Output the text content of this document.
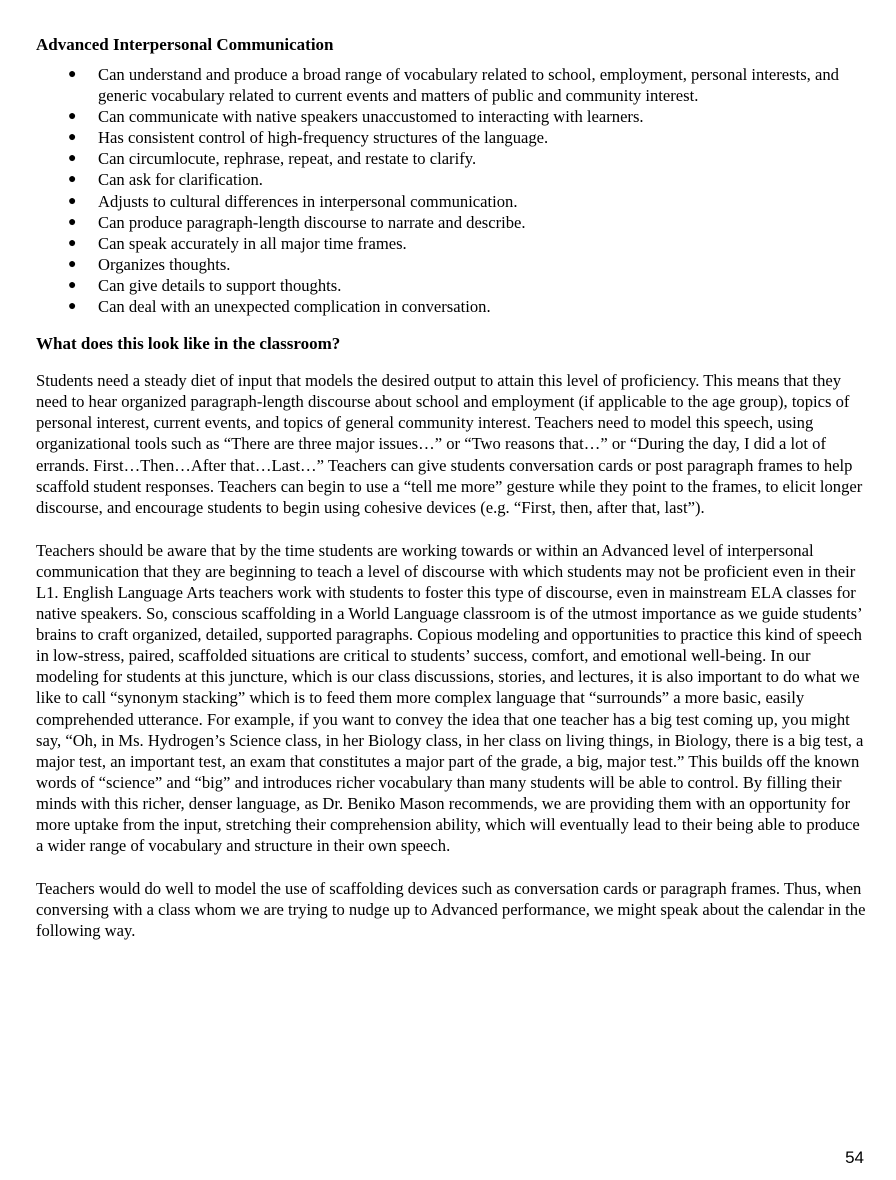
Advanced Interpersonal Communication
● Can understand and produce a broad range of vocabulary related to school, employment, personal interests, and generic vocabulary related to current events and matters of public and community interest.
● Can communicate with native speakers unaccustomed to interacting with learners.
● Has consistent control of high-frequency structures of the language.
● Can circumlocute, rephrase, repeat, and restate to clarify.
● Can ask for clarification.
● Adjusts to cultural differences in interpersonal communication.
● Can produce paragraph-length discourse to narrate and describe.
● Can speak accurately in all major time frames.
● Organizes thoughts.
● Can give details to support thoughts.
● Can deal with an unexpected complication in conversation.
What does this look like in the classroom?

Students need a steady diet of input that models the desired output to attain this level of proficiency. This means that they need to hear organized paragraph-length discourse about school and employment (if applicable to the age group), topics of personal interest, current events, and topics of general community interest. Teachers need to model this speech, using organizational tools such as “There are three major issues…” or “Two reasons that…” or “During the day, I did a lot of errands. First…Then…After that…Last…” Teachers can give students conversation cards or post paragraph frames to help scaffold student responses. Teachers can begin to use a “tell me more” gesture while they point to the frames, to elicit longer discourse, and encourage students to begin using cohesive devices (e.g. “First, then, after that, last”).

Teachers should be aware that by the time students are working towards or within an Advanced level of interpersonal communication that they are beginning to teach a level of discourse with which students may not be proficient even in their L1. English Language Arts teachers work with students to foster this type of discourse, even in mainstream ELA classes for native speakers. So, conscious scaffolding in a World Language classroom is of the utmost importance as we guide students’ brains to craft organized, detailed, supported paragraphs. Copious modeling and opportunities to practice this kind of speech in low-stress, paired, scaffolded situations are critical to students’ success, comfort, and emotional well-being. In our modeling for students at this juncture, which is our class discussions, stories, and lectures, it is also important to do what we like to call “synonym stacking” which is to feed them more complex language that “surrounds” a more basic, easily comprehended utterance. For example, if you want to convey the idea that one teacher has a big test coming up, you might say, “Oh, in Ms. Hydrogen’s Science class, in her Biology class, in her class on living things, in Biology, there is a big test, a major test, an important test, an exam that constitutes a major part of the grade, a big, major test.” This builds off the known words of “science” and “big” and introduces richer vocabulary than many students will be able to control. By filling their minds with this richer, denser language, as Dr. Beniko Mason recommends, we are providing them with an opportunity for more uptake from the input, stretching their comprehension ability, which will eventually lead to their being able to produce a wider range of vocabulary and structure in their own speech.

Teachers would do well to model the use of scaffolding devices such as conversation cards or paragraph frames. Thus, when conversing with a class whom we are trying to nudge up to Advanced performance, we might speak about the calendar in the following way.

54
